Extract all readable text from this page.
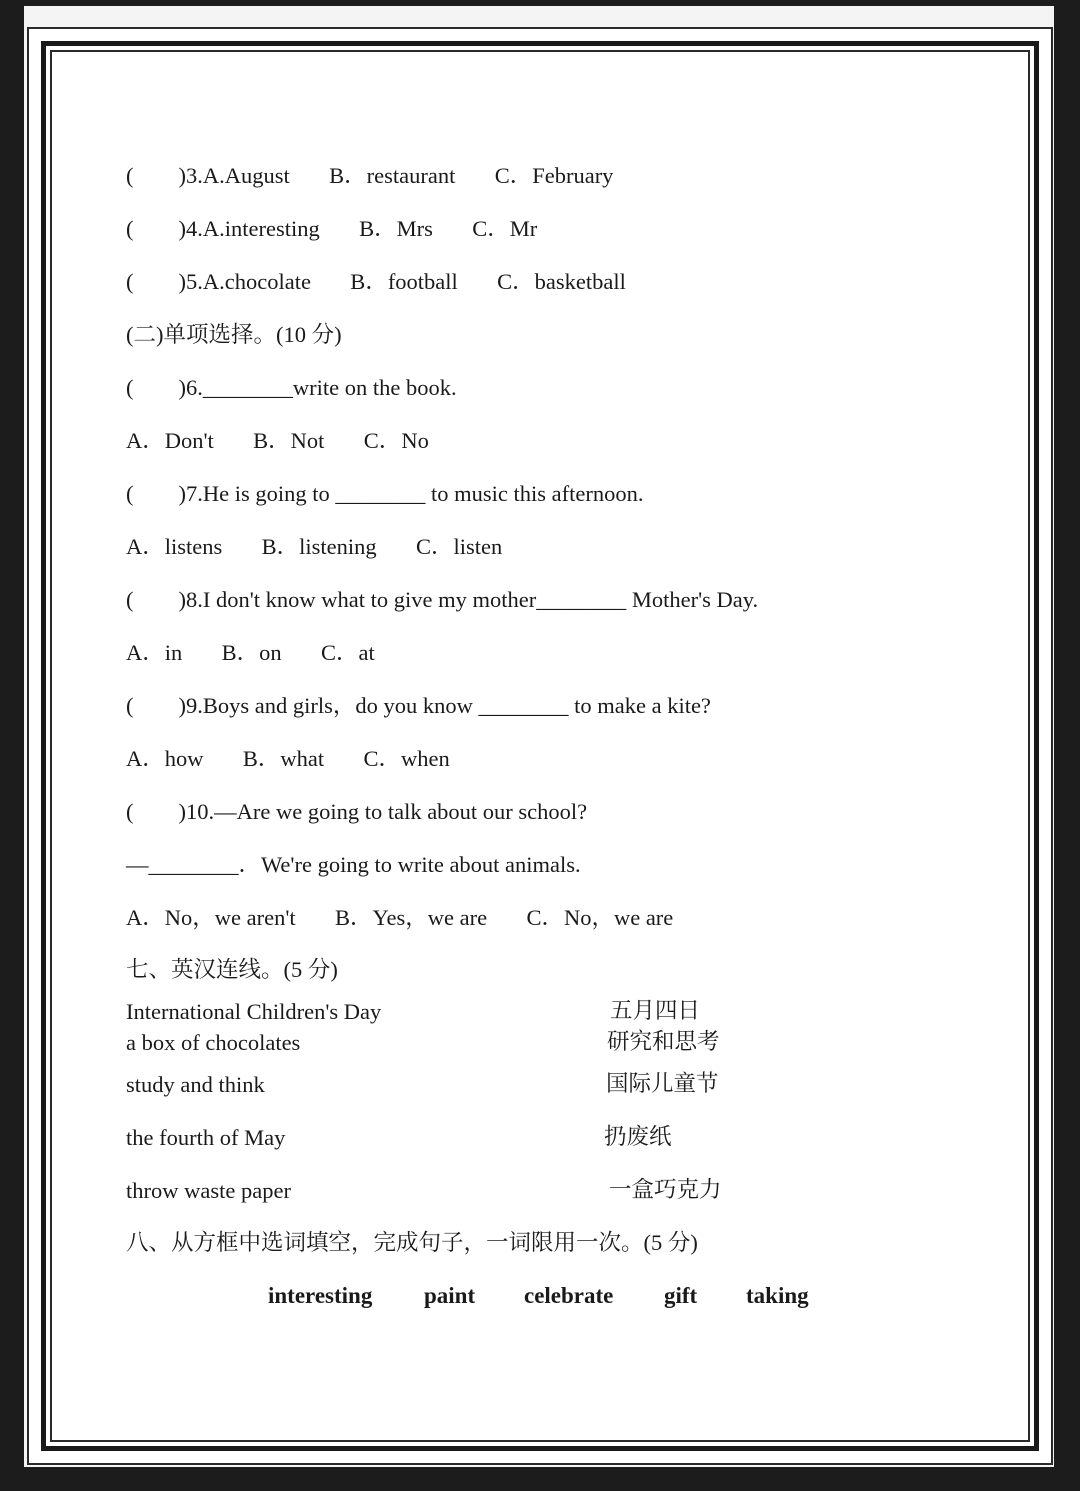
(        )3.A.August       B．restaurant       C．February
(        )4.A.interesting       B．Mrs       C．Mr
(        )5.A.chocolate       B．football       C．basketball
(二)单项选择。(10 分)
(        )6.________write on the book.
A．Don't       B．Not       C．No
(        )7.He is going to ________ to music this afternoon.
A．listens       B．listening       C．listen
(        )8.I don't know what to give my mother________ Mother's Day.
A．in       B．on       C．at
(        )9.Boys and girls，do you know ________ to make a kite?
A．how       B．what       C．when
(        )10.—Are we going to talk about our school?
—________．We're going to write about animals.
A．No，we aren't       B．Yes，we are       C．No，we are
七、英汉连线。(5 分)
International Children's Day
a box of chocolates
study and think
the fourth of May
throw waste paper
五月四日
研究和思考
国际儿童节
扔废纸
一盒巧克力
八、从方框中选词填空，完成句子，一词限用一次。(5 分)
interesting paint celebrate gift taking
